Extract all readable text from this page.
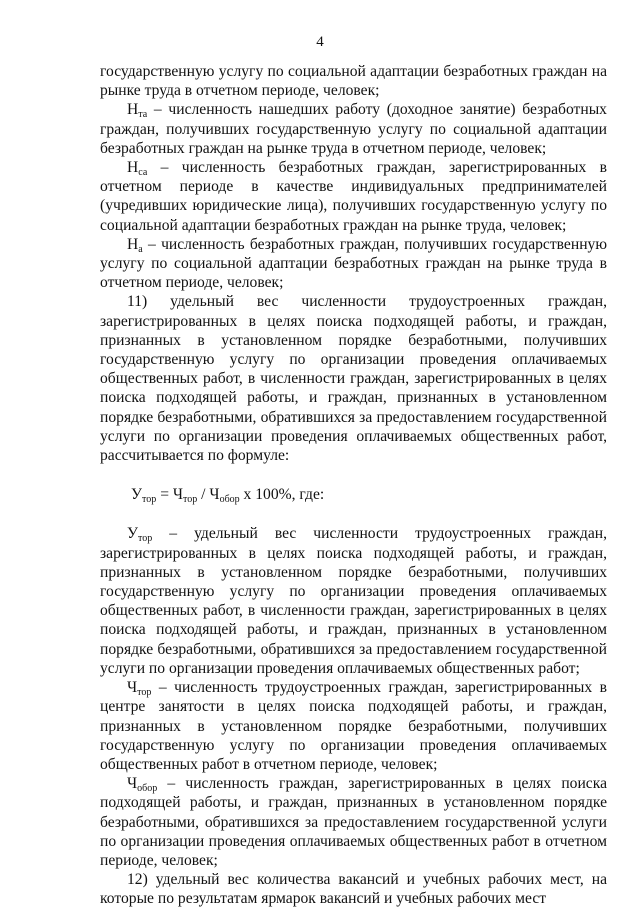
4

государственную услугу по социальной адаптации безработных граждан на рынке труда в отчетном периоде, человек;

$Н_{та}$ – численность нашедших работу (доходное занятие) безработных граждан, получивших государственную услугу по социальной адаптации безработных граждан на рынке труда в отчетном периоде, человек;

$Н_{са}$ – численность безработных граждан, зарегистрированных в отчетном периоде в качестве индивидуальных предпринимателей (учредивших юридические лица), получивших государственную услугу по социальной адаптации безработных граждан на рынке труда, человек;

$Н_а$ – численность безработных граждан, получивших государственную услугу по социальной адаптации безработных граждан на рынке труда в отчетном периоде, человек;

11) удельный вес численности трудоустроенных граждан, зарегистрированных в целях поиска подходящей работы, и граждан, признанных в установленном порядке безработными, получивших государственную услугу по организации проведения оплачиваемых общественных работ, в численности граждан, зарегистрированных в целях поиска подходящей работы, и граждан, признанных в установленном порядке безработными, обратившихся за предоставлением государственной услуги по организации проведения оплачиваемых общественных работ, рассчитывается по формуле:

$У_{тор} = Ч_{тор} / Ч_{обор}$ х 100%, где:

$У_{тор}$ – удельный вес численности трудоустроенных граждан, зарегистрированных в целях поиска подходящей работы, и граждан, признанных в установленном порядке безработными, получивших государственную услугу по организации проведения оплачиваемых общественных работ, в численности граждан, зарегистрированных в целях поиска подходящей работы, и граждан, признанных в установленном порядке безработными, обратившихся за предоставлением государственной услуги по организации проведения оплачиваемых общественных работ;

$Ч_{тор}$ – численность трудоустроенных граждан, зарегистрированных в центре занятости в целях поиска подходящей работы, и граждан, признанных в установленном порядке безработными, получивших государственную услугу по организации проведения оплачиваемых общественных работ в отчетном периоде, человек;

$Ч_{обор}$ – численность граждан, зарегистрированных в целях поиска подходящей работы, и граждан, признанных в установленном порядке безработными, обратившихся за предоставлением государственной услуги по организации проведения оплачиваемых общественных работ в отчетном периоде, человек;

12) удельный вес количества вакансий и учебных рабочих мест, на которые по результатам ярмарок вакансий и учебных рабочих мест
